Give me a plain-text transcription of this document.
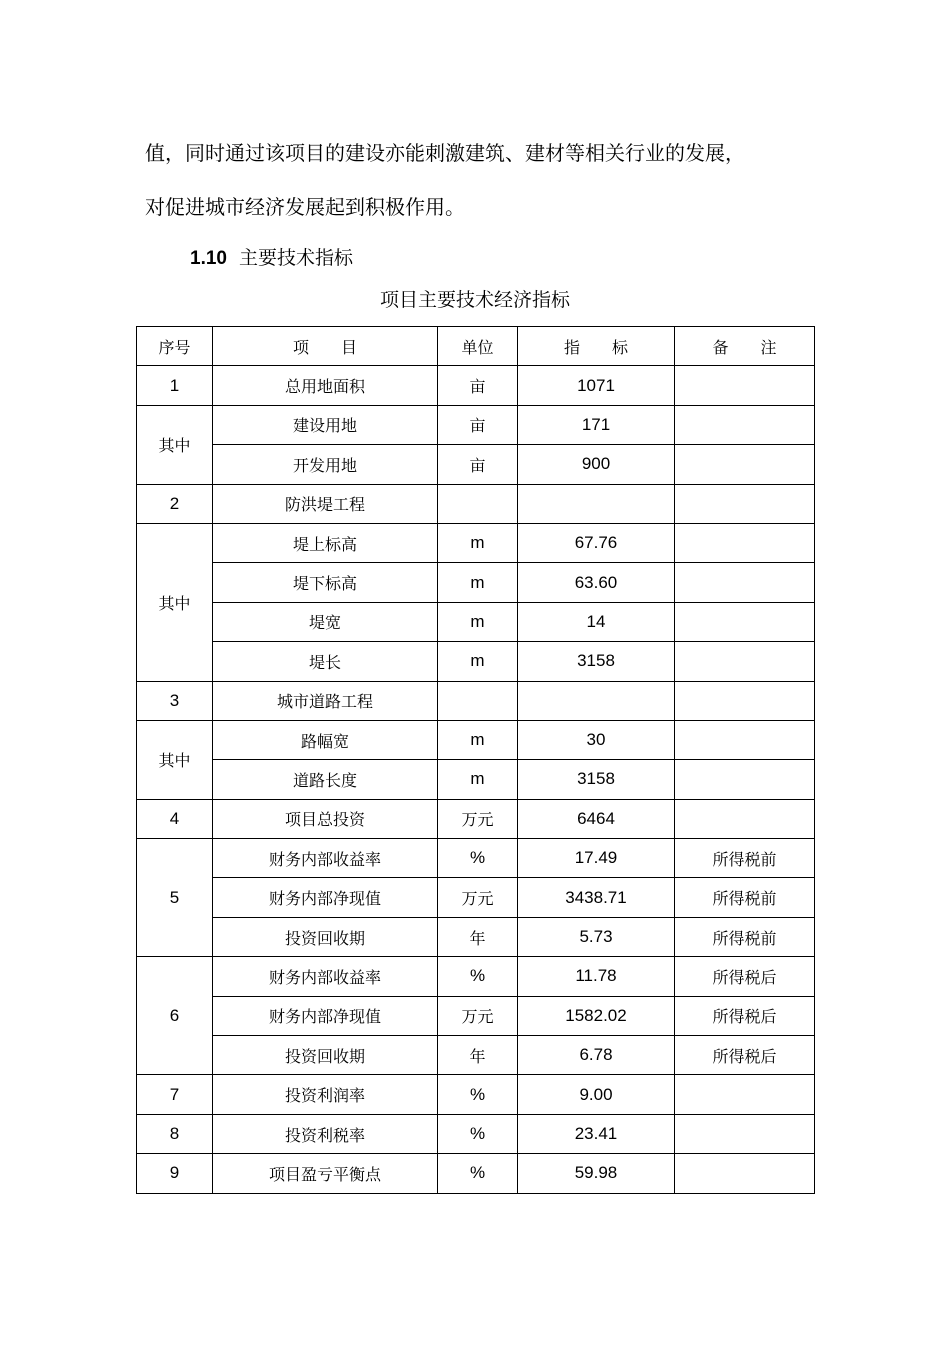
值，同时通过该项目的建设亦能刺激建筑、建材等相关行业的发展，
对促进城市经济发展起到积极作用。
1.10 主要技术指标
项目主要技术经济指标
序号	项　　目	单位	指　　标	备　　注
1	总用地面积	亩	1071	
其中	建设用地	亩	171	
	开发用地	亩	900	
2	防洪堤工程			
其中	堤上标高	m	67.76	
	堤下标高	m	63.60	
	堤宽	m	14	
	堤长	m	3158	
3	城市道路工程			
其中	路幅宽	m	30	
	道路长度	m	3158	
4	项目总投资	万元	6464	
5	财务内部收益率	%	17.49	所得税前
	财务内部净现值	万元	3438.71	所得税前
	投资回收期	年	5.73	所得税前
6	财务内部收益率	%	11.78	所得税后
	财务内部净现值	万元	1582.02	所得税后
	投资回收期	年	6.78	所得税后
7	投资利润率	%	9.00	
8	投资利税率	%	23.41	
9	项目盈亏平衡点	%	59.98	
